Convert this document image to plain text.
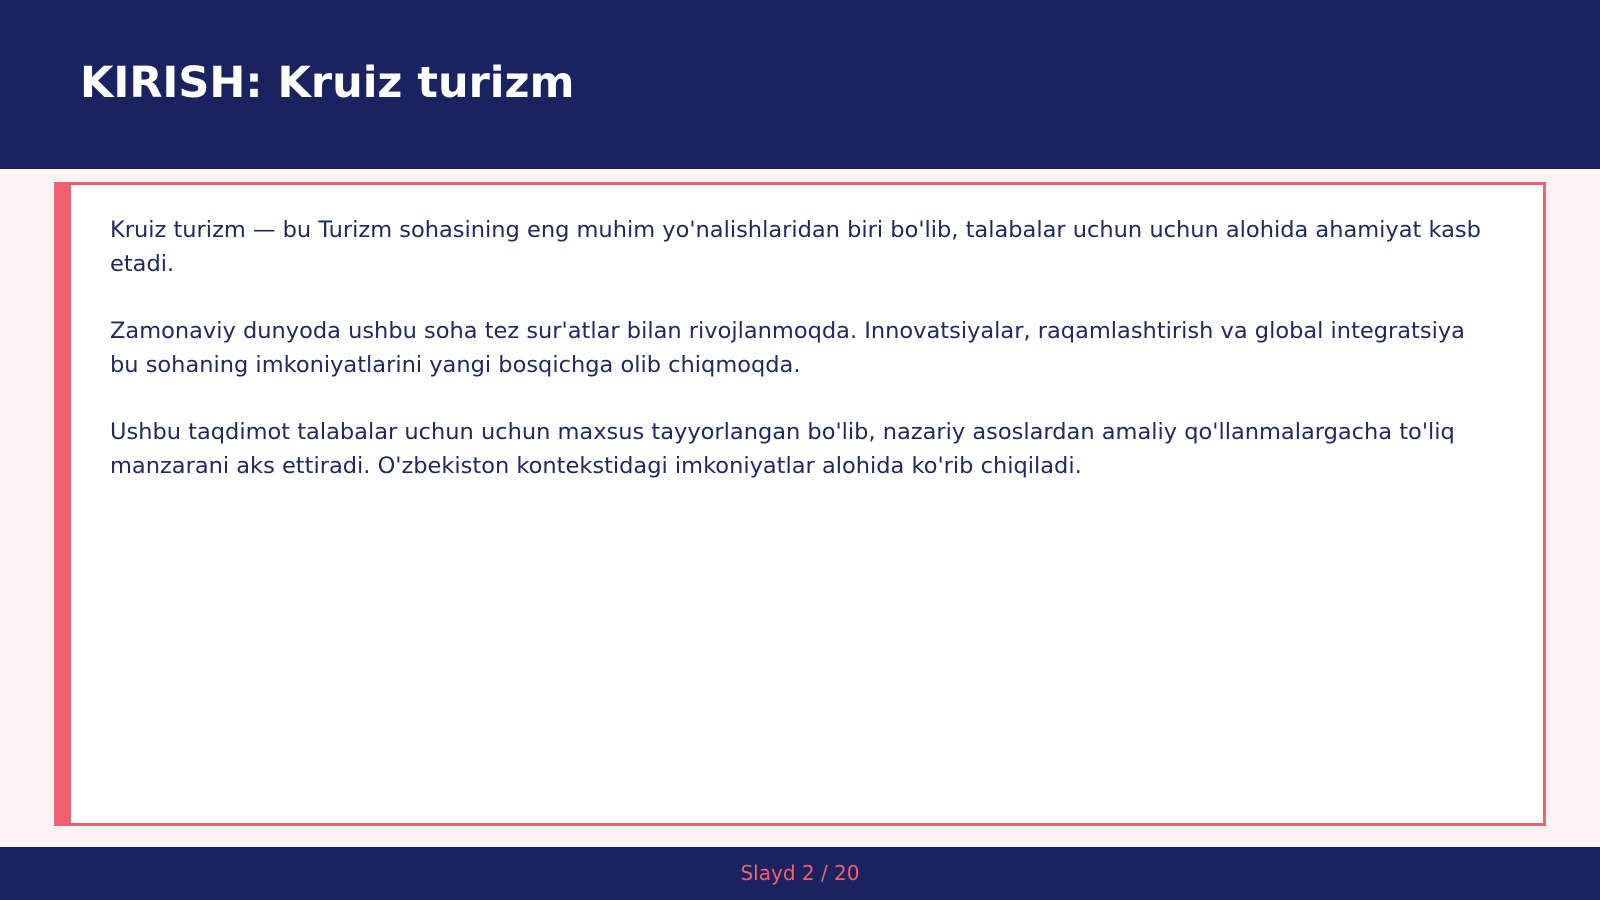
KIRISH: Kruiz turizm

Kruiz turizm — bu Turizm sohasining eng muhim yo'nalishlaridan biri bo'lib, talabalar uchun uchun alohida ahamiyat kasb etadi.

Zamonaviy dunyoda ushbu soha tez sur'atlar bilan rivojlanmoqda. Innovatsiyalar, raqamlashtirish va global integratsiya bu sohaning imkoniyatlarini yangi bosqichga olib chiqmoqda.

Ushbu taqdimot talabalar uchun uchun maxsus tayyorlangan bo'lib, nazariy asoslardan amaliy qo'llanmalargacha to'liq manzarani aks ettiradi. O'zbekiston kontekstidagi imkoniyatlar alohida ko'rib chiqiladi.

Slayd 2 / 20
